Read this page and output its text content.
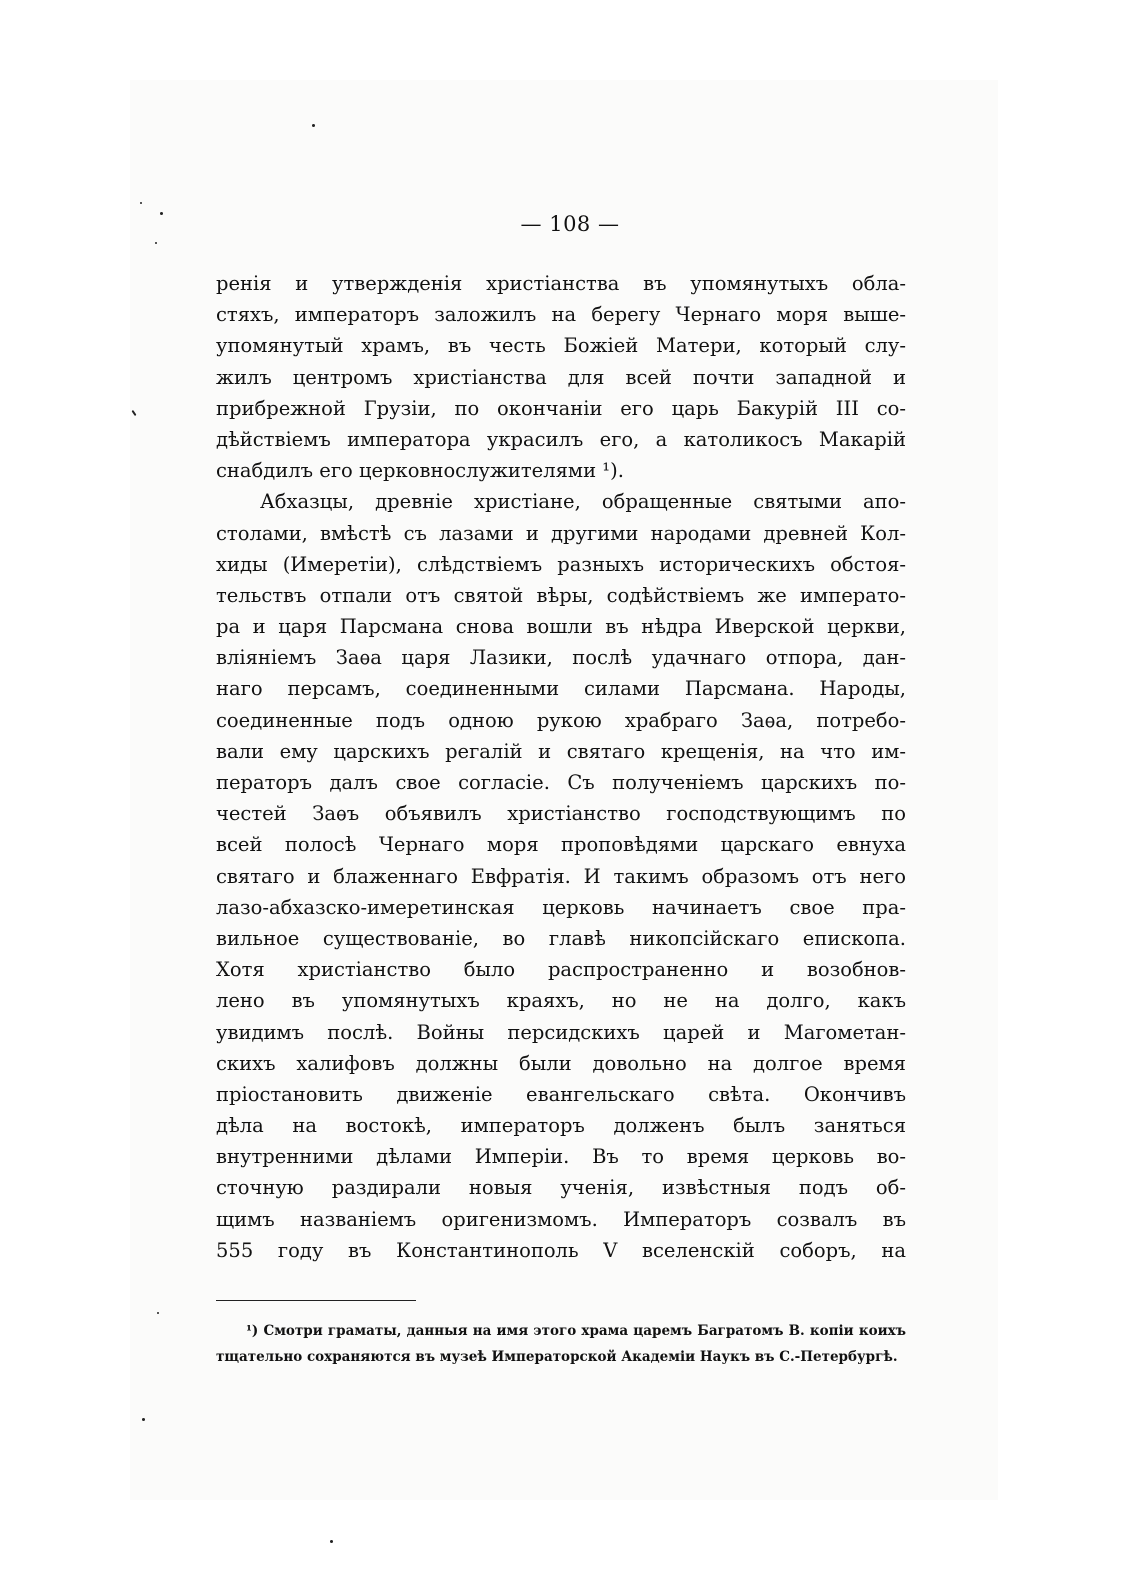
— 108 —
ренія и утвержденія христіанства въ упомянутыхъ обла-
стяхъ, императоръ заложилъ на берегу Чернаго моря выше-
упомянутый храмъ, въ честь Божіей Матери, который слу-
жилъ центромъ христіанства для всей почти западной и
прибрежной Грузіи, по окончаніи его царь Бакурій III со-
дѣйствіемъ императора украсилъ его, а католикосъ Макарій
снабдилъ его церковнослужителями ¹).
Абхазцы, древніе христіане, обращенные святыми апо-
столами, вмѣстѣ съ лазами и другими народами древней Кол-
хиды (Имеретіи), слѣдствіемъ разныхъ историческихъ обстоя-
тельствъ отпали отъ святой вѣры, содѣйствіемъ же императо-
ра и царя Парсмана снова вошли въ нѣдра Иверской церкви,
вліяніемъ Заѳа царя Лазики, послѣ удачнаго отпора, дан-
наго персамъ, соединенными силами Парсмана. Народы,
соединенные подъ одною рукою храбраго Заѳа, потребо-
вали ему царскихъ регалій и святаго крещенія, на что им-
ператоръ далъ свое согласіе. Съ полученіемъ царскихъ по-
честей Заѳъ объявилъ христіанство господствующимъ по
всей полосѣ Чернаго моря проповѣдями царскаго евнуха
святаго и блаженнаго Евфратія. И такимъ образомъ отъ него
лазо-абхазско-имеретинская церковь начинаетъ свое пра-
вильное существованіе, во главѣ никопсійскаго епископа.
Хотя христіанство было распространенно и возобнов-
лено въ упомянутыхъ краяхъ, но не на долго, какъ
увидимъ послѣ. Войны персидскихъ царей и Магометан-
скихъ халифовъ должны были довольно на долгое время
пріостановить движеніе евангельскаго свѣта. Окончивъ
дѣла на востокѣ, императоръ долженъ былъ заняться
внутренними дѣлами Имперіи. Въ то время церковь во-
сточную раздирали новыя ученія, извѣстныя подъ об-
щимъ названіемъ оригенизмомъ. Императоръ созвалъ въ
555 году въ Константинополь V вселенскій соборъ, на
¹) Смотри граматы, данныя на имя этого храма царемъ Багратомъ В. копіи коихъ
тщательно сохраняются въ музеѣ Императорской Академіи Наукъ въ С.-Петербургѣ.
